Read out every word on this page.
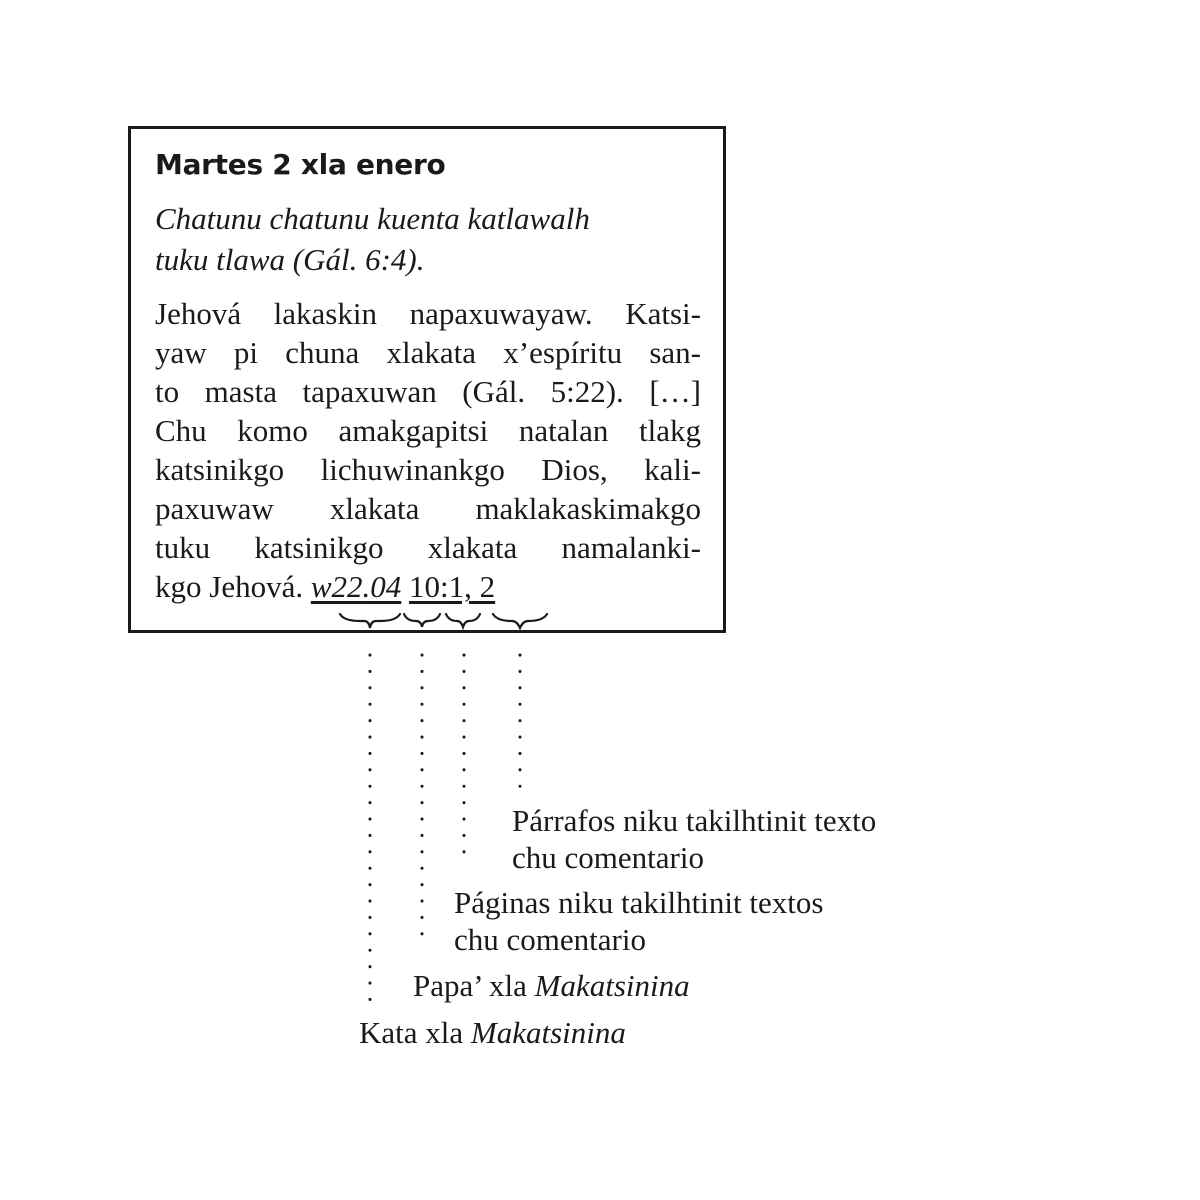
Martes 2 xla enero
Chatunu chatunu kuenta katlawalh
tuku tlawa (Gál. 6:4).
Jehová lakaskin napaxuwayaw. Katsi-
yaw pi chuna xlakata x’espíritu san-
to masta tapaxuwan (Gál. 5:22). […]
Chu komo amakgapitsi natalan tlakg
katsinikgo lichuwinankgo Dios, kali-
paxuwaw xlakata maklakaskimakgo
tuku katsinikgo xlakata namalanki-
kgo Jehová. w22.04 10:1, 2
Párrafos niku takilhtinit texto
chu comentario
Páginas niku takilhtinit textos
chu comentario
Papa’ xla Makatsinina
Kata xla Makatsinina
